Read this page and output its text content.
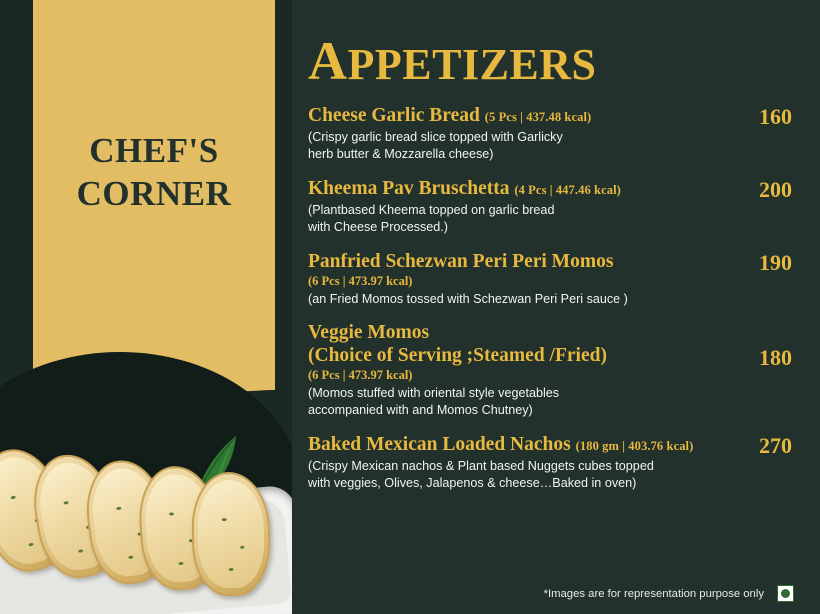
CHEF'S
CORNER
APPETIZERS
Cheese Garlic Bread (5 Pcs | 437.48 kcal)
(Crispy garlic bread slice topped with Garlicky
herb butter & Mozzarella cheese)
160
Kheema Pav Bruschetta (4 Pcs | 447.46 kcal)
(Plantbased Kheema topped on garlic bread
with Cheese Processed.)
200
Panfried Schezwan Peri Peri Momos
(6 Pcs | 473.97 kcal)
(an Fried Momos tossed with Schezwan Peri Peri sauce )
190
Veggie Momos
(Choice of Serving ;Steamed /Fried)
(6 Pcs | 473.97 kcal)
(Momos stuffed with oriental style vegetables
accompanied with and Momos Chutney)
180
Baked Mexican Loaded Nachos (180 gm | 403.76 kcal)
(Crispy Mexican nachos & Plant based Nuggets cubes topped
with veggies, Olives, Jalapenos & cheese…Baked in oven)
270
*Images are for representation purpose only
